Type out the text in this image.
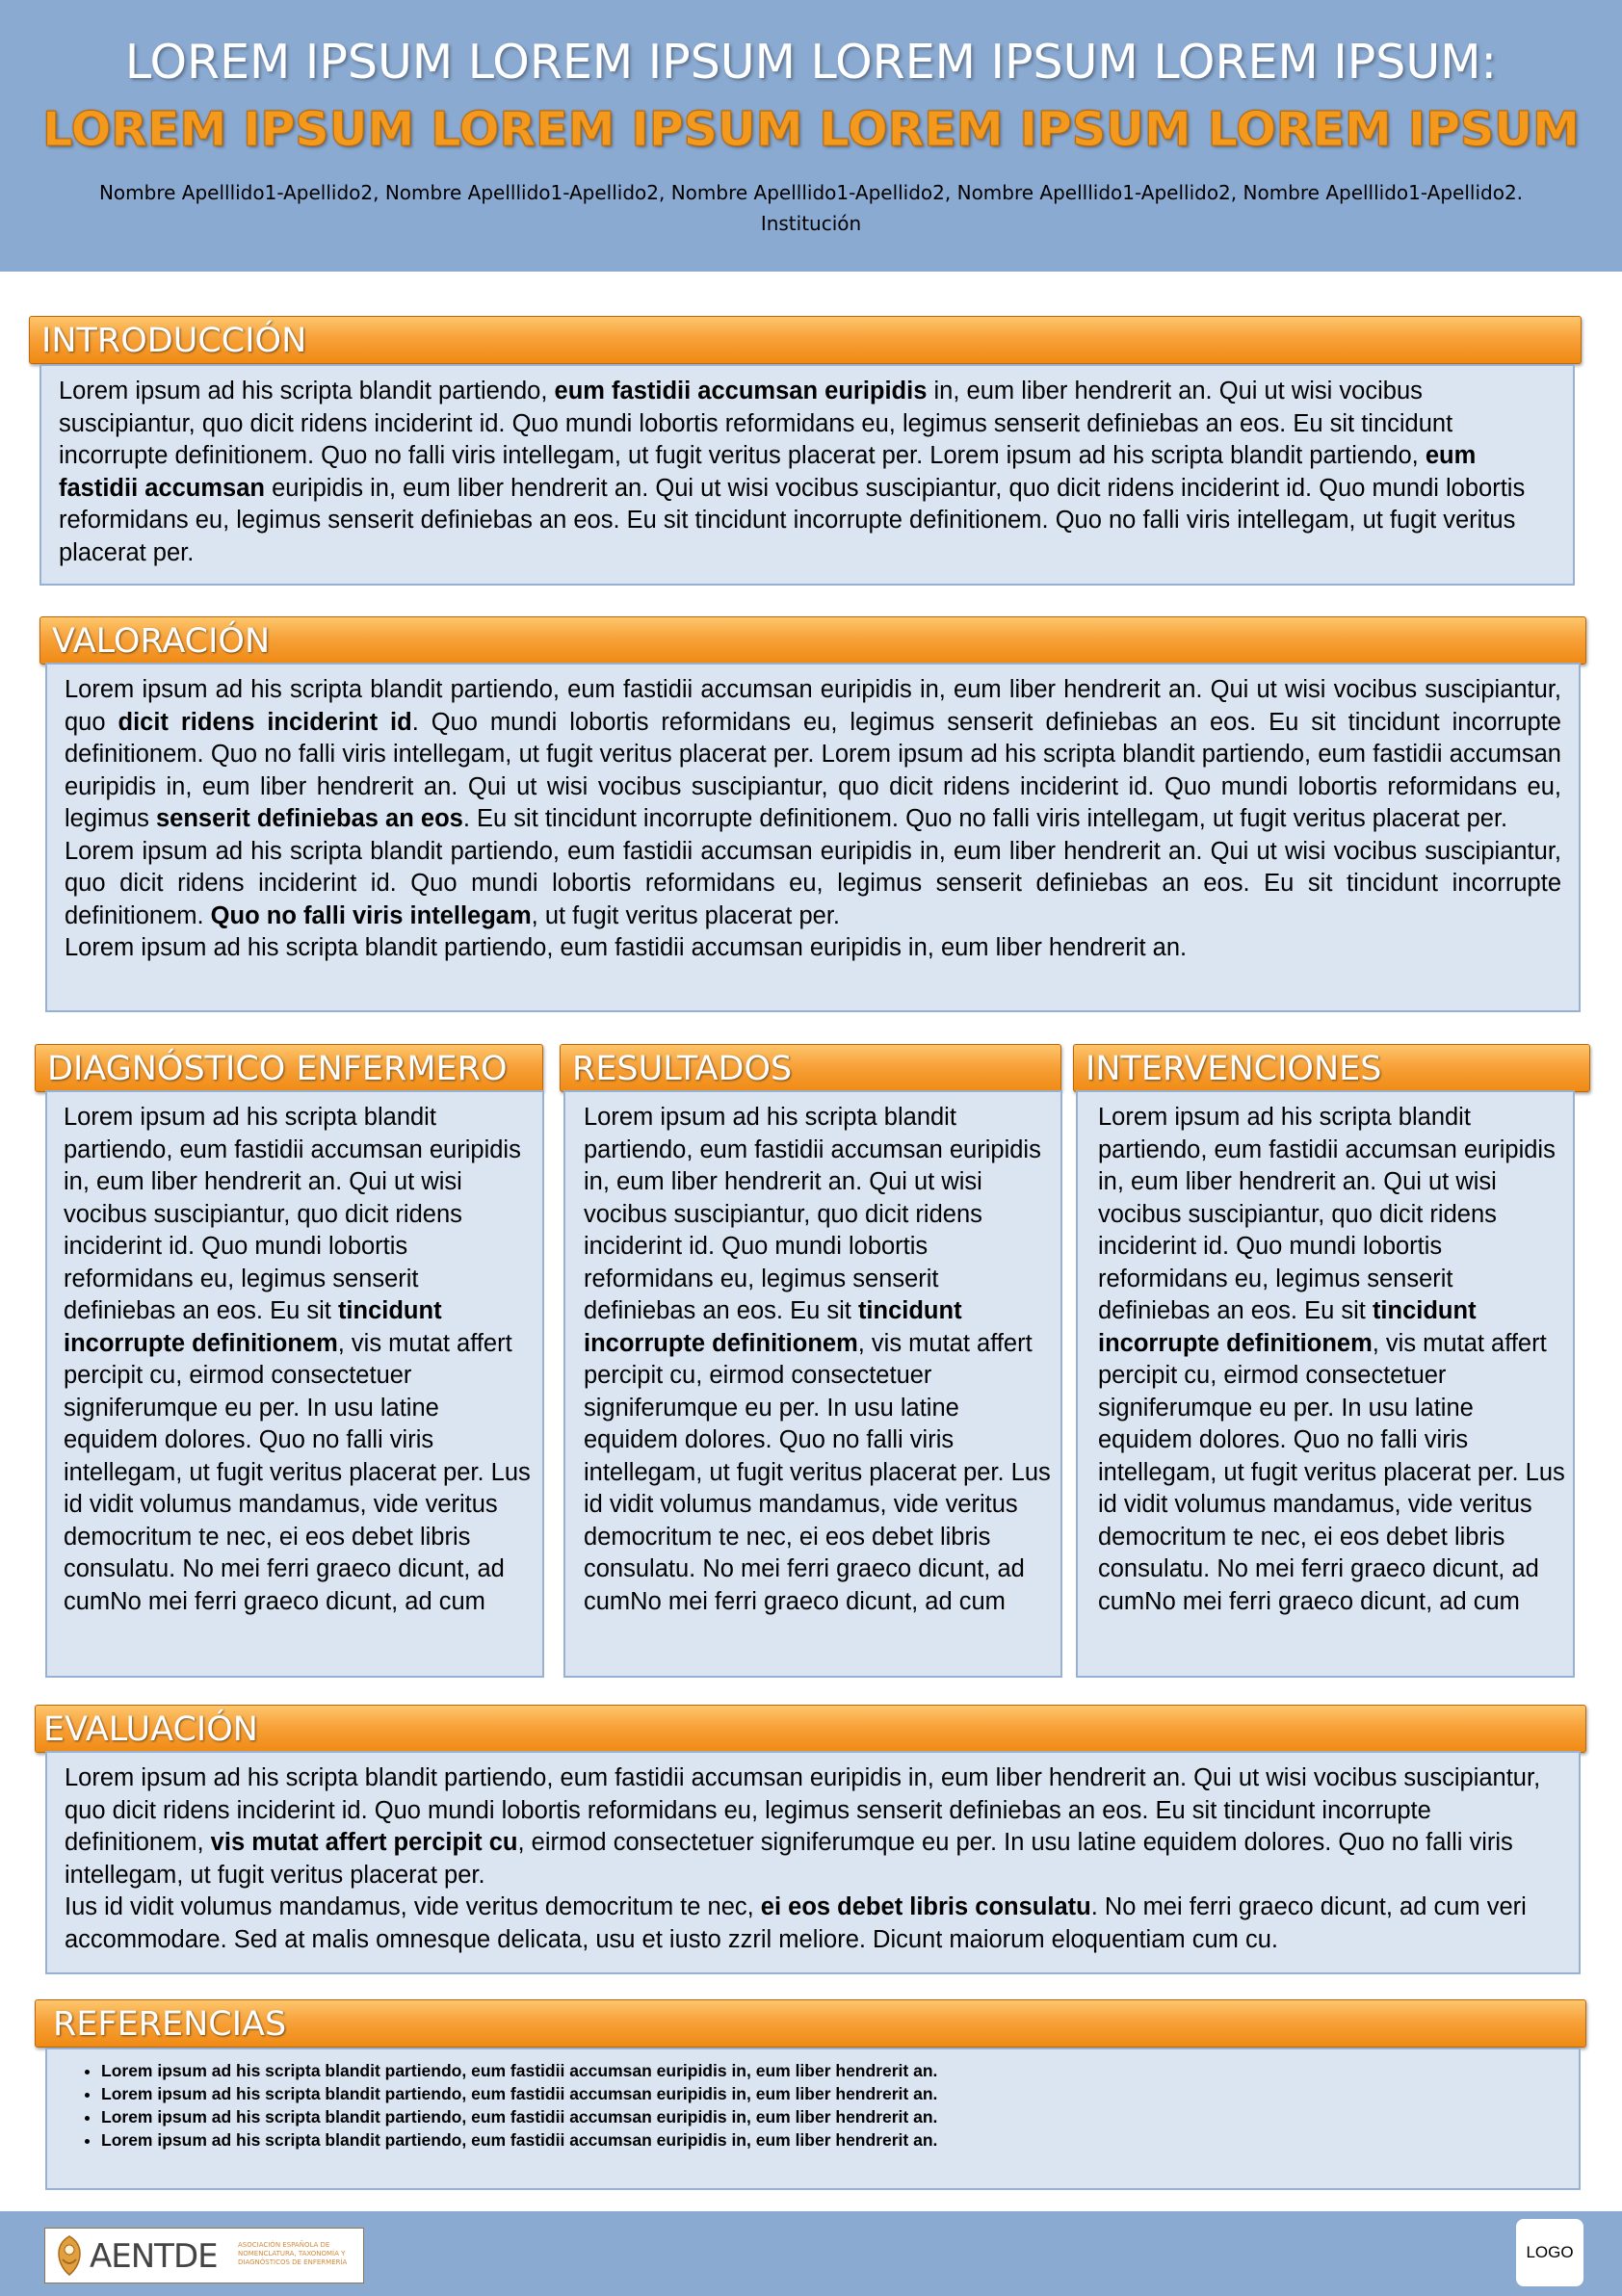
LOREM IPSUM LOREM IPSUM LOREM IPSUM LOREM IPSUM:
LOREM IPSUM LOREM IPSUM LOREM IPSUM LOREM IPSUM
Nombre Apelllido1-Apellido2, Nombre Apelllido1-Apellido2, Nombre Apelllido1-Apellido2, Nombre Apelllido1-Apellido2, Nombre Apelllido1-Apellido2.
Institución
INTRODUCCIÓN

Lorem ipsum ad his scripta blandit partiendo, eum fastidii accumsan euripidis in, eum liber hendrerit an. Qui ut wisi vocibus suscipiantur, quo dicit ridens inciderint id. Quo mundi lobortis reformidans eu, legimus senserit definiebas an eos. Eu sit tincidunt incorrupte definitionem. Quo no falli viris intellegam, ut fugit veritus placerat per. Lorem ipsum ad his scripta blandit partiendo, eum fastidii accumsan euripidis in, eum liber hendrerit an. Qui ut wisi vocibus suscipiantur, quo dicit ridens inciderint id. Quo mundi lobortis reformidans eu, legimus senserit definiebas an eos. Eu sit tincidunt incorrupte definitionem. Quo no falli viris intellegam, ut fugit veritus placerat per.

VALORACIÓN

Lorem ipsum ad his scripta blandit partiendo, eum fastidii accumsan euripidis in, eum liber hendrerit an. Qui ut wisi vocibus suscipiantur, quo dicit ridens inciderint id. Quo mundi lobortis reformidans eu, legimus senserit definiebas an eos. Eu sit tincidunt incorrupte definitionem. Quo no falli viris intellegam, ut fugit veritus placerat per. Lorem ipsum ad his scripta blandit partiendo, eum fastidii accumsan euripidis in, eum liber hendrerit an. Qui ut wisi vocibus suscipiantur, quo dicit ridens inciderint id. Quo mundi lobortis reformidans eu, legimus senserit definiebas an eos. Eu sit tincidunt incorrupte definitionem. Quo no falli viris intellegam, ut fugit veritus placerat per.

Lorem ipsum ad his scripta blandit partiendo, eum fastidii accumsan euripidis in, eum liber hendrerit an. Qui ut wisi vocibus suscipiantur, quo dicit ridens inciderint id. Quo mundi lobortis reformidans eu, legimus senserit definiebas an eos. Eu sit tincidunt incorrupte definitionem. Quo no falli viris intellegam, ut fugit veritus placerat per.

Lorem ipsum ad his scripta blandit partiendo, eum fastidii accumsan euripidis in, eum liber hendrerit an.

DIAGNÓSTICO ENFERMERO

Lorem ipsum ad his scripta blandit partiendo, eum fastidii accumsan euripidis in, eum liber hendrerit an. Qui ut wisi vocibus suscipiantur, quo dicit ridens inciderint id. Quo mundi lobortis reformidans eu, legimus senserit definiebas an eos. Eu sit tincidunt incorrupte definitionem, vis mutat affert percipit cu, eirmod consectetuer signiferumque eu per. In usu latine equidem dolores. Quo no falli viris intellegam, ut fugit veritus placerat per. Lus id vidit volumus mandamus, vide veritus democritum te nec, ei eos debet libris consulatu. No mei ferri graeco dicunt, ad cumNo mei ferri graeco dicunt, ad cum

RESULTADOS

Lorem ipsum ad his scripta blandit partiendo, eum fastidii accumsan euripidis in, eum liber hendrerit an. Qui ut wisi vocibus suscipiantur, quo dicit ridens inciderint id. Quo mundi lobortis reformidans eu, legimus senserit definiebas an eos. Eu sit tincidunt incorrupte definitionem, vis mutat affert percipit cu, eirmod consectetuer signiferumque eu per. In usu latine equidem dolores. Quo no falli viris intellegam, ut fugit veritus placerat per. Lus id vidit volumus mandamus, vide veritus democritum te nec, ei eos debet libris consulatu. No mei ferri graeco dicunt, ad cumNo mei ferri graeco dicunt, ad cum

INTERVENCIONES

Lorem ipsum ad his scripta blandit partiendo, eum fastidii accumsan euripidis in, eum liber hendrerit an. Qui ut wisi vocibus suscipiantur, quo dicit ridens inciderint id. Quo mundi lobortis reformidans eu, legimus senserit definiebas an eos. Eu sit tincidunt incorrupte definitionem, vis mutat affert percipit cu, eirmod consectetuer signiferumque eu per. In usu latine equidem dolores. Quo no falli viris intellegam, ut fugit veritus placerat per. Lus id vidit volumus mandamus, vide veritus democritum te nec, ei eos debet libris consulatu. No mei ferri graeco dicunt, ad cumNo mei ferri graeco dicunt, ad cum

EVALUACIÓN

Lorem ipsum ad his scripta blandit partiendo, eum fastidii accumsan euripidis in, eum liber hendrerit an. Qui ut wisi vocibus suscipiantur, quo dicit ridens inciderint id. Quo mundi lobortis reformidans eu, legimus senserit definiebas an eos. Eu sit tincidunt incorrupte definitionem, vis mutat affert percipit cu, eirmod consectetuer signiferumque eu per. In usu latine equidem dolores. Quo no falli viris intellegam, ut fugit veritus placerat per.

Ius id vidit volumus mandamus, vide veritus democritum te nec, ei eos debet libris consulatu. No mei ferri graeco dicunt, ad cum veri accommodare. Sed at malis omnesque delicata, usu et iusto zzril meliore. Dicunt maiorum eloquentiam cum cu.

REFERENCIAS
• Lorem ipsum ad his scripta blandit partiendo, eum fastidii accumsan euripidis in, eum liber hendrerit an.
• Lorem ipsum ad his scripta blandit partiendo, eum fastidii accumsan euripidis in, eum liber hendrerit an.
• Lorem ipsum ad his scripta blandit partiendo, eum fastidii accumsan euripidis in, eum liber hendrerit an.
• Lorem ipsum ad his scripta blandit partiendo, eum fastidii accumsan euripidis in, eum liber hendrerit an.
AENTDE	ASOCIACIÓN ESPAÑOLA DE NOMENCLATURA, TAXONOMÍA Y DIAGNÓSTICOS DE ENFERMERÍA
LOGO
